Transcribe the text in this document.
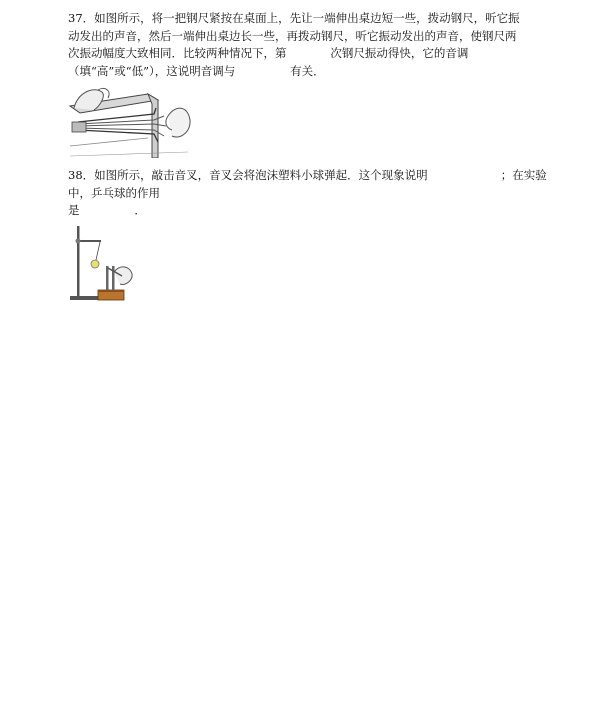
37．如图所示，将一把钢尺紧按在桌面上，先让一端伸出桌边短一些，拨动钢尺，听它振
动发出的声音，然后一端伸出桌边长一些，再拨动钢尺，听它振动发出的声音，使钢尺两
次振动幅度大致相同．比较两种情况下，第            次钢尺振动得快，它的音调
（填“高”或“低”），这说明音调与               有关．
38．如图所示，敲击音叉，音叉会将泡沫塑料小球弹起．这个现象说明                    ；在实验
中，乒乓球的作用
是               ．
